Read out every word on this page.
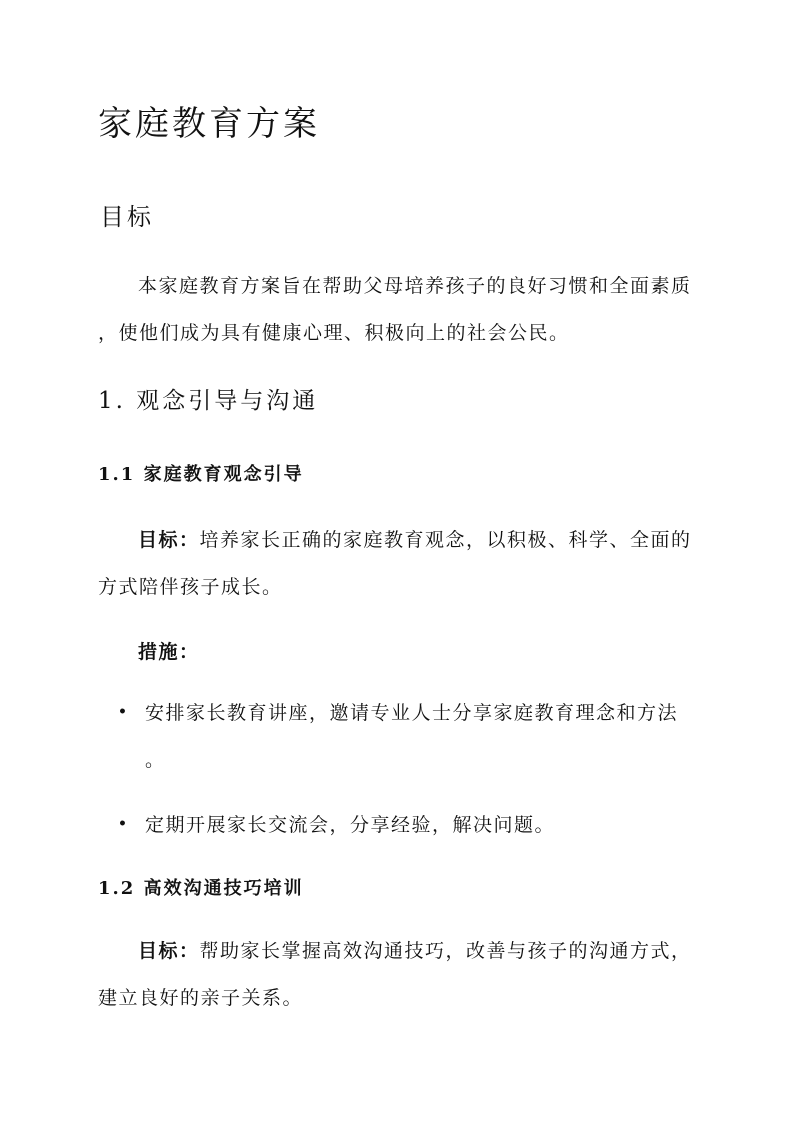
家庭教育方案
目标
本家庭教育方案旨在帮助父母培养孩子的良好习惯和全面素质
，使他们成为具有健康心理、积极向上的社会公民。
1. 观念引导与沟通
1.1 家庭教育观念引导
目标：培养家长正确的家庭教育观念，以积极、科学、全面的
方式陪伴孩子成长。
措施：
• 安排家长教育讲座，邀请专业人士分享家庭教育理念和方法
。
• 定期开展家长交流会，分享经验，解决问题。
1.2 高效沟通技巧培训
目标：帮助家长掌握高效沟通技巧，改善与孩子的沟通方式，
建立良好的亲子关系。
